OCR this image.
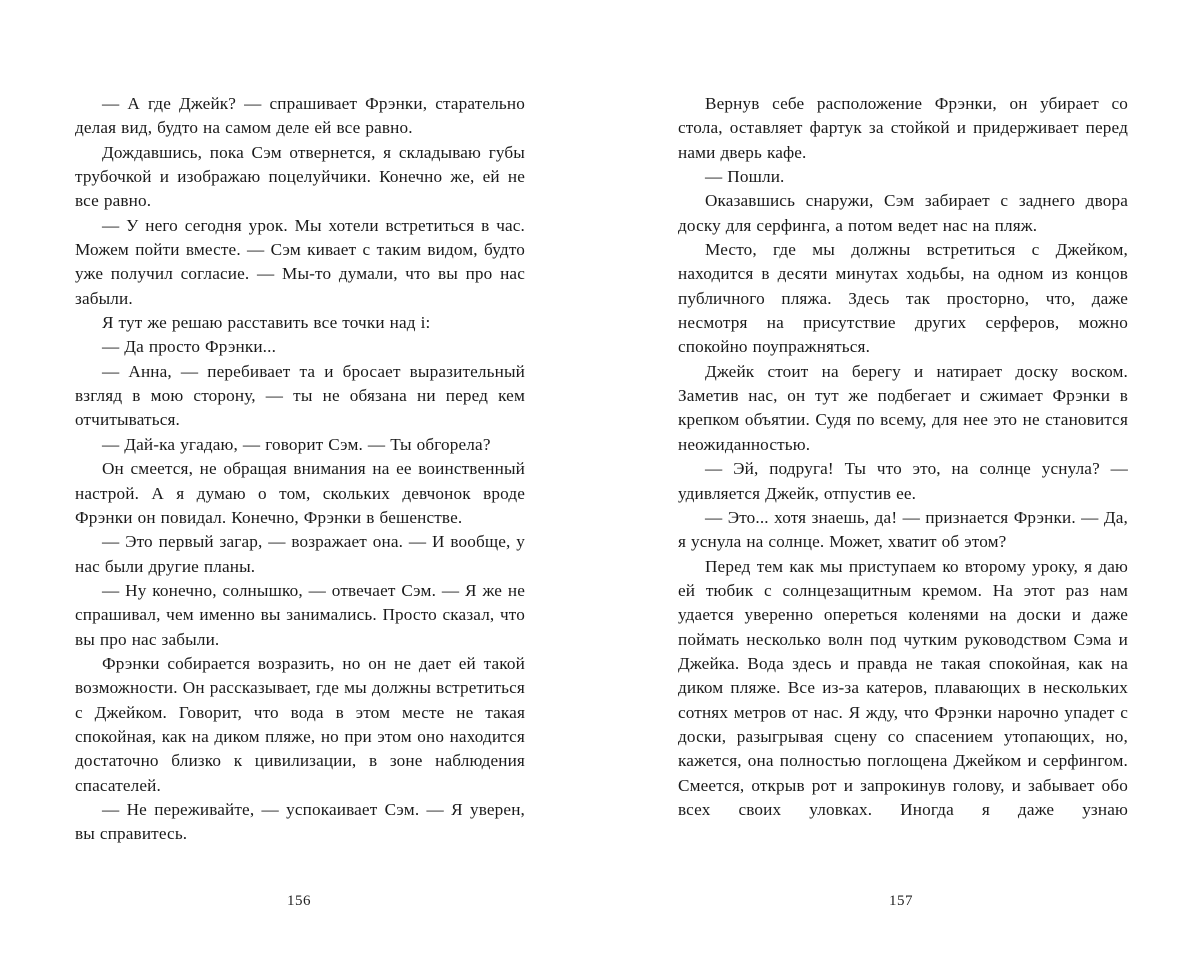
— А где Джейк? — спрашивает Фрэнки, старательно делая вид, будто на самом деле ей все равно.

Дождавшись, пока Сэм отвернется, я складываю губы трубочкой и изображаю поцелуйчики. Конечно же, ей не все равно.

— У него сегодня урок. Мы хотели встретиться в час. Можем пойти вместе. — Сэм кивает с таким видом, будто уже получил согласие. — Мы-то думали, что вы про нас забыли.

Я тут же решаю расставить все точки над i:

— Да просто Фрэнки...

— Анна, — перебивает та и бросает выразительный взгляд в мою сторону, — ты не обязана ни перед кем отчитываться.

— Дай-ка угадаю, — говорит Сэм. — Ты обгорела?

Он смеется, не обращая внимания на ее воинственный настрой. А я думаю о том, скольких девчонок вроде Фрэнки он повидал. Конечно, Фрэнки в бешенстве.

— Это первый загар, — возражает она. — И вообще, у нас были другие планы.

— Ну конечно, солнышко, — отвечает Сэм. — Я же не спрашивал, чем именно вы занимались. Просто сказал, что вы про нас забыли.

Фрэнки собирается возразить, но он не дает ей такой возможности. Он рассказывает, где мы должны встретиться с Джейком. Говорит, что вода в этом месте не такая спокойная, как на диком пляже, но при этом оно находится достаточно близко к цивилизации, в зоне наблюдения спасателей.

— Не переживайте, — успокаивает Сэм. — Я уверен, вы справитесь.

Вернув себе расположение Фрэнки, он убирает со стола, оставляет фартук за стойкой и придерживает перед нами дверь кафе.

— Пошли.

Оказавшись снаружи, Сэм забирает с заднего двора доску для серфинга, а потом ведет нас на пляж.

Место, где мы должны встретиться с Джейком, находится в десяти минутах ходьбы, на одном из концов публичного пляжа. Здесь так просторно, что, даже несмотря на присутствие других серферов, можно спокойно поупражняться.

Джейк стоит на берегу и натирает доску воском. Заметив нас, он тут же подбегает и сжимает Фрэнки в крепком объятии. Судя по всему, для нее это не становится неожиданностью.

— Эй, подруга! Ты что это, на солнце уснула? — удивляется Джейк, отпустив ее.

— Это... хотя знаешь, да! — признается Фрэнки. — Да, я уснула на солнце. Может, хватит об этом?

Перед тем как мы приступаем ко второму уроку, я даю ей тюбик с солнцезащитным кремом. На этот раз нам удается уверенно опереться коленями на доски и даже поймать несколько волн под чутким руководством Сэма и Джейка. Вода здесь и правда не такая спокойная, как на диком пляже. Все из-за катеров, плавающих в нескольких сотнях метров от нас. Я жду, что Фрэнки нарочно упадет с доски, разыгрывая сцену со спасением утопающих, но, кажется, она полностью поглощена Джейком и серфингом. Смеется, открыв рот и запрокинув голову, и забывает обо всех своих уловках. Иногда я даже узнаю

156	157
